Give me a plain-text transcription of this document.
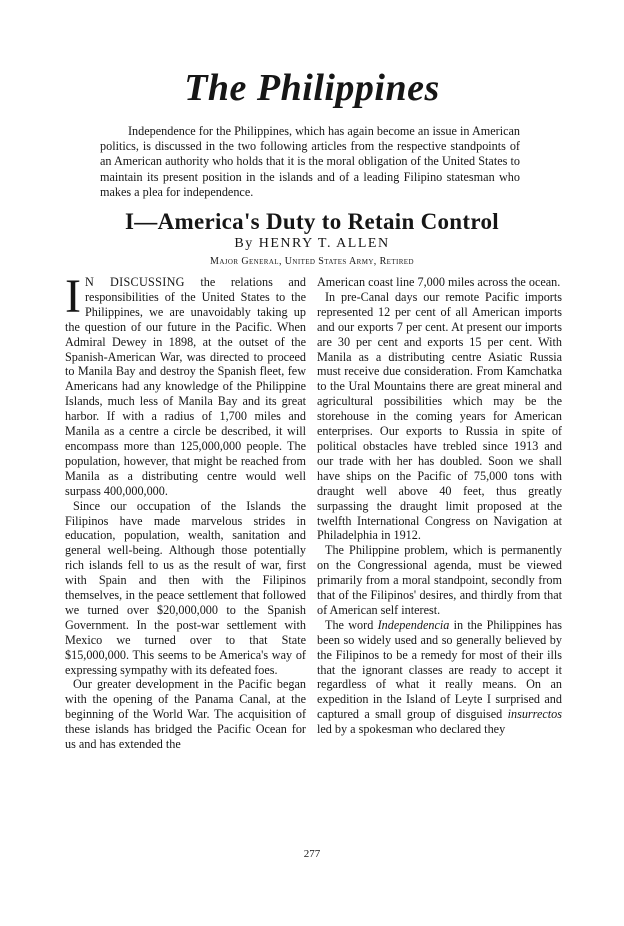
The Philippines

Independence for the Philippines, which has again become an issue in American politics, is discussed in the two following articles from the respective standpoints of an American authority who holds that it is the moral obligation of the United States to maintain its present position in the islands and of a leading Filipino statesman who makes a plea for independence.

I—America's Duty to Retain Control

By HENRY T. ALLEN

Major General, United States Army, Retired

I N DISCUSSING the relations and responsibilities of the United States to the Philippines, we are unavoidably taking up the question of our future in the Pacific. When Admiral Dewey in 1898, at the outset of the Spanish-American War, was directed to proceed to Manila Bay and destroy the Spanish fleet, few Americans had any knowledge of the Philippine Islands, much less of Manila Bay and its great harbor. If with a radius of 1,700 miles and Manila as a centre a circle be described, it will encompass more than 125,000,000 people. The population, however, that might be reached from Manila as a distributing centre would well surpass 400,000,000.

Since our occupation of the Islands the Filipinos have made marvelous strides in education, population, wealth, sanitation and general well-being. Although those potentially rich islands fell to us as the result of war, first with Spain and then with the Filipinos themselves, in the peace settlement that followed we turned over $20,000,000 to the Spanish Government. In the post-war settlement with Mexico we turned over to that State $15,000,000. This seems to be America's way of expressing sympathy with its defeated foes.

Our greater development in the Pacific began with the opening of the Panama Canal, at the beginning of the World War. The acquisition of these islands has bridged the Pacific Ocean for us and has extended the

American coast line 7,000 miles across the ocean.

In pre-Canal days our remote Pacific imports represented 12 per cent of all American imports and our exports 7 per cent. At present our imports are 30 per cent and exports 15 per cent. With Manila as a distributing centre Asiatic Russia must receive due consideration. From Kamchatka to the Ural Mountains there are great mineral and agricultural possibilities which may be the storehouse in the coming years for American enterprises. Our exports to Russia in spite of political obstacles have trebled since 1913 and our trade with her has doubled. Soon we shall have ships on the Pacific of 75,000 tons with draught well above 40 feet, thus greatly surpassing the draught limit proposed at the twelfth International Congress on Navigation at Philadelphia in 1912.

The Philippine problem, which is permanently on the Congressional agenda, must be viewed primarily from a moral standpoint, secondly from that of the Filipinos' desires, and thirdly from that of American self interest.

The word Independencia in the Philippines has been so widely used and so generally believed by the Filipinos to be a remedy for most of their ills that the ignorant classes are ready to accept it regardless of what it really means. On an expedition in the Island of Leyte I surprised and captured a small group of disguised insurrectos led by a spokesman who declared they

277
